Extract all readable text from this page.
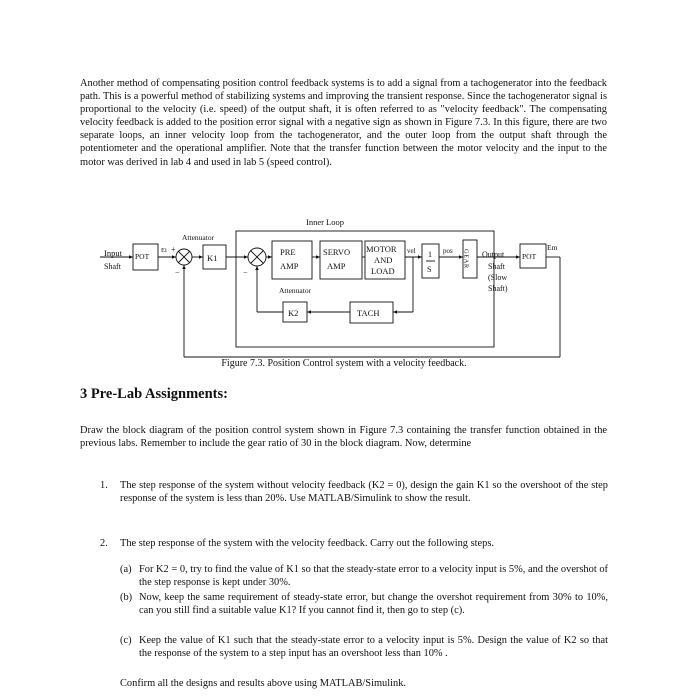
Another method of compensating position control feedback systems is to add a signal from a tachogenerator into the feedback path. This is a powerful method of stabilizing systems and improving the transient response. Since the tachogenerator signal is proportional to the velocity (i.e. speed) of the output shaft, it is often referred to as "velocity feedback". The compensating velocity feedback is added to the position error signal with a negative sign as shown in Figure 7.3. In this figure, there are two separate loops, an inner velocity loop from the tachogenerator, and the outer loop from the output shaft through the potentiometer and the operational amplifier. Note that the transfer function between the motor velocity and the input to the motor was derived in lab 4 and used in lab 5 (speed control).

Inner Loop
Attenuator
Attenuator
Input
Shaft
POT
Ei +
−
K1
−
PRE
AMP
SERVO
AMP
MOTOR
AND
LOAD
vel 1
S
pos GEAR Output
Shaft
(Slow
Shaft)
POT
Em
K2	TACH
Figure 7.3. Position Control system with a velocity feedback.
3 Pre-Lab Assignments:

Draw the block diagram of the position control system shown in Figure 7.3 containing the transfer function obtained in the previous labs. Remember to include the gear ratio of 30 in the block diagram. Now, determine

1. The step response of the system without velocity feedback (K2 = 0), design the gain K1 so the overshoot of the step response of the system is less than 20%. Use MATLAB/Simulink to show the result.
2. The step response of the system with the velocity feedback. Carry out the following steps.
(a) For K2 = 0, try to find the value of K1 so that the steady-state error to a velocity input is 5%, and the overshot of the step response is kept under 30%.
(b) Now, keep the same requirement of steady-state error, but change the overshot requirement from 30% to 10%, can you still find a suitable value K1? If you cannot find it, then go to step (c).
(c) Keep the value of K1 such that the steady-state error to a velocity input is 5%. Design the value of K2 so that the response of the system to a step input has an overshoot less than 10% .
Confirm all the designs and results above using MATLAB/Simulink.
